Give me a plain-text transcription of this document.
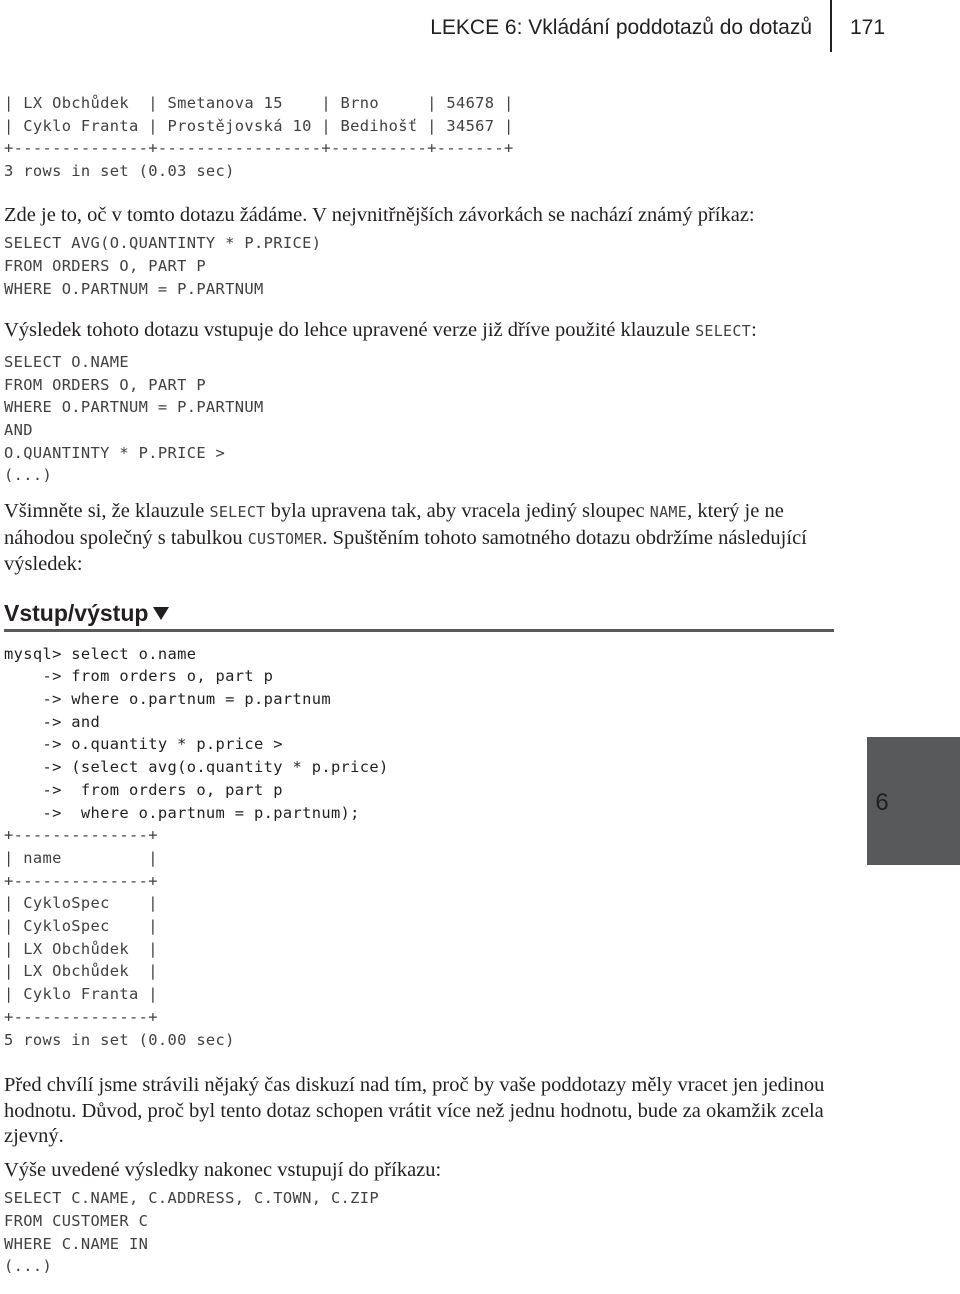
LEKCE 6: Vkládání poddotazů do dotazů 171
6
| LX Obchůdek  | Smetanova 15    | Brno     | 54678 |
| Cyklo Franta | Prostějovská 10 | Bedihošť | 34567 |
+--------------+-----------------+----------+-------+
3 rows in set (0.03 sec)

Zde je to, oč v tomto dotazu žádáme. V nejvnitřnějších závorkách se nachází známý příkaz:

SELECT AVG(O.QUANTINTY * P.PRICE)
FROM ORDERS O, PART P
WHERE O.PARTNUM = P.PARTNUM

Výsledek tohoto dotazu vstupuje do lehce upravené verze již dříve použité klauzule SELECT:

SELECT O.NAME
FROM ORDERS O, PART P
WHERE O.PARTNUM = P.PARTNUM
AND
O.QUANTINTY * P.PRICE >
(...)

Všimněte si, že klauzule SELECT byla upravena tak, aby vracela jediný sloupec NAME, který je ne náhodou společný s tabulkou CUSTOMER. Spuštěním tohoto samotného dotazu obdržíme následující výsledek:

Vstup/výstup
mysql> select o.name
-> from orders o, part p
-> where o.partnum = p.partnum
-> and
-> o.quantity * p.price >
-> (select avg(o.quantity * p.price)
->  from orders o, part p
->  where o.partnum = p.partnum);
+--------------+
| name         |
+--------------+
| CykloSpec    |
| CykloSpec    |
| LX Obchůdek  |
| LX Obchůdek  |
| Cyklo Franta |
+--------------+
5 rows in set (0.00 sec)

Před chvílí jsme strávili nějaký čas diskuzí nad tím, proč by vaše poddotazy měly vracet jen jedinou hodnotu. Důvod, proč byl tento dotaz schopen vrátit více než jednu hodnotu, bude za okamžik zcela zjevný.

Výše uvedené výsledky nakonec vstupují do příkazu:

SELECT C.NAME, C.ADDRESS, C.TOWN, C.ZIP
FROM CUSTOMER C
WHERE C.NAME IN
(...)
